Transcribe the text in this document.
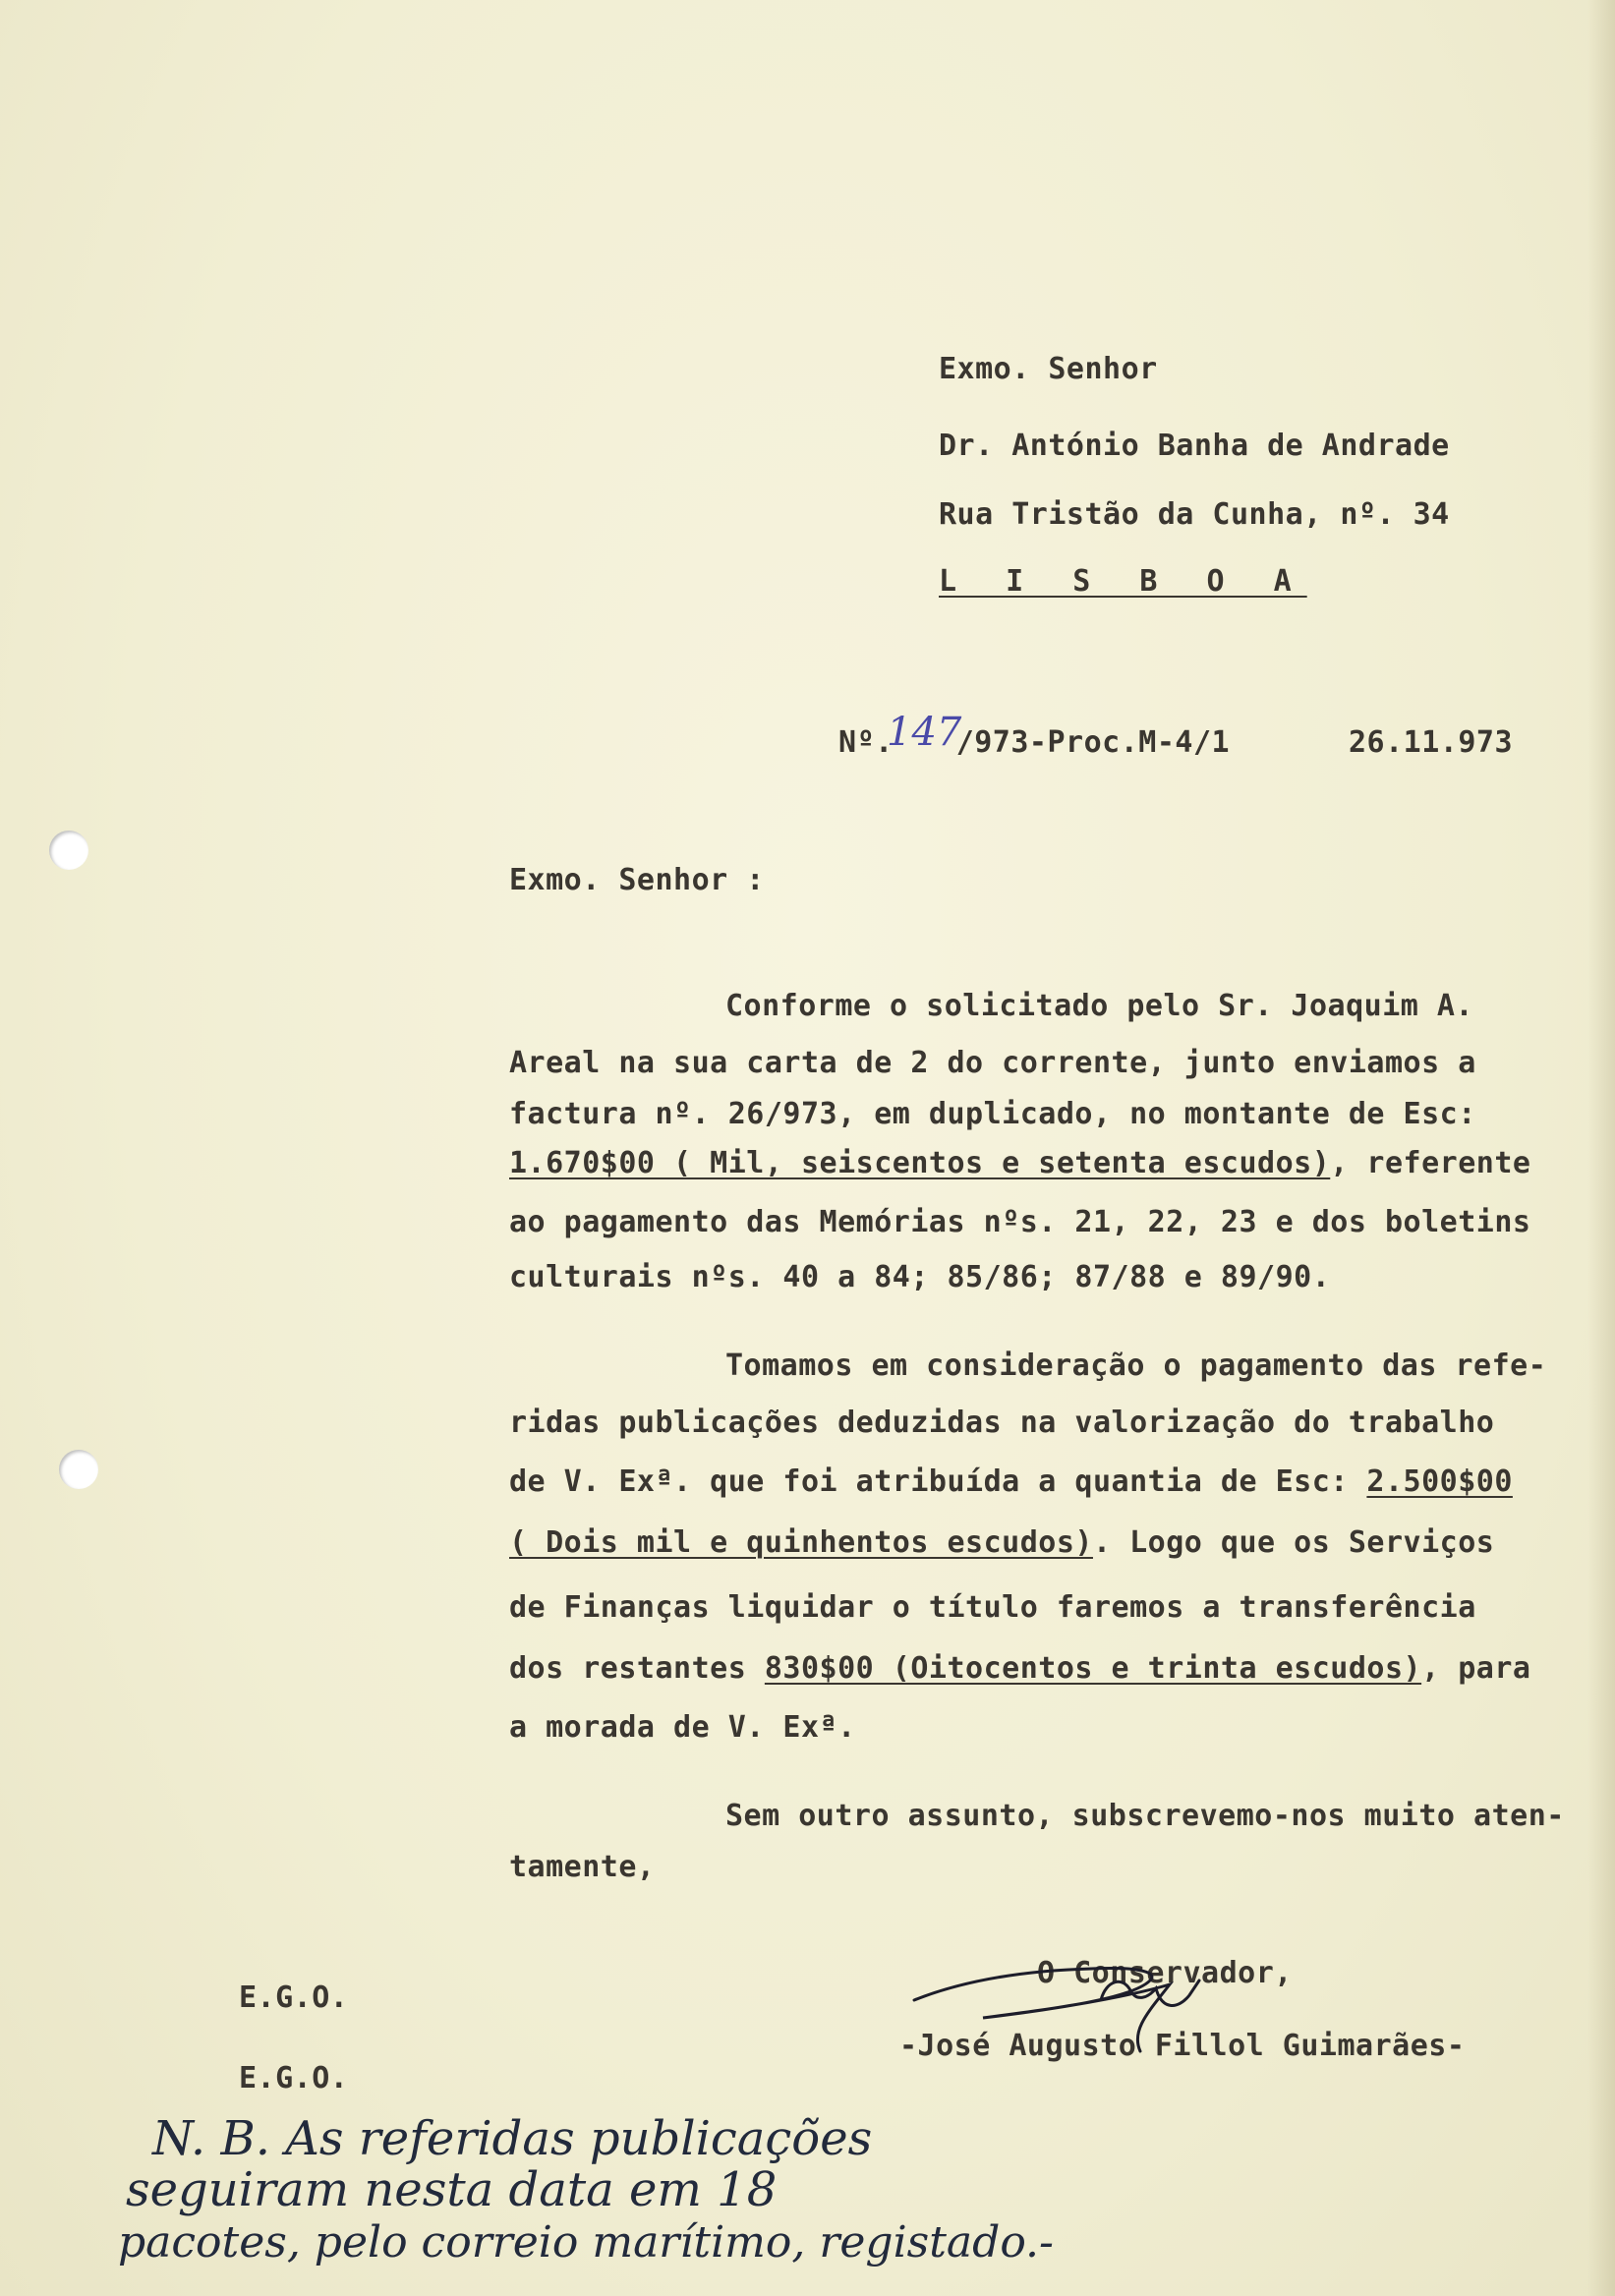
Exmo. Senhor
Dr. António Banha de Andrade
Rua Tristão da Cunha, nº. 34
L I S B O A
Nº. /973-Proc.M-4/1
147	26.11.973
Exmo. Senhor :
Conforme o solicitado pelo Sr. Joaquim A.
Areal na sua carta de 2 do corrente, junto enviamos a
factura nº. 26/973, em duplicado, no montante de Esc:
1.670$00 ( Mil, seiscentos e setenta escudos), referente
ao pagamento das Memórias nºs. 21, 22, 23 e dos boletins
culturais nºs. 40 a 84; 85/86; 87/88 e 89/90.
Tomamos em consideração o pagamento das refe-
ridas publicações deduzidas na valorização do trabalho
de V. Exª. que foi atribuída a quantia de Esc: 2.500$00
( Dois mil e quinhentos escudos). Logo que os Serviços
de Finanças liquidar o título faremos a transferência
dos restantes 830$00 (Oitocentos e trinta escudos), para
a morada de V. Exª.
Sem outro assunto, subscrevemo-nos muito aten-
tamente,
O Conservador,
-José Augusto Fillol Guimarães-
E.G.O.
E.G.O.
N. B. As referidas publicações
seguiram nesta data em 18
pacotes, pelo correio marítimo, registado.-
